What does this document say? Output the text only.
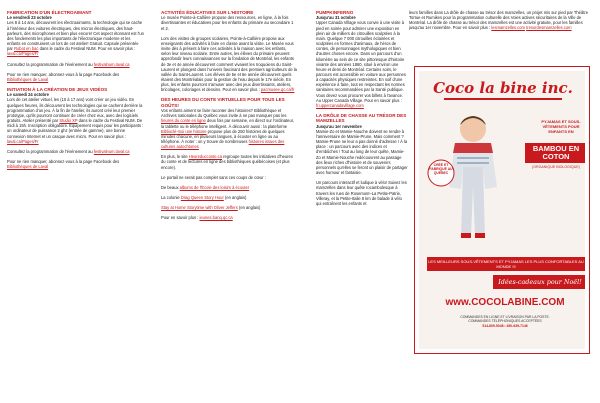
FABRICATION D'UN ÉLECTROAIMANT
Le vendredi 23 octobre

Les 8 à 14 ans, découvrent les électroaimants, la technologie qui se cache à l'intérieur des voitures électriques, des micros électriques, des haut-parleurs, des microphones et bien plus encore! Cet aspect étonnant est l'un des fondements les plus importants de l'électronique moderne et les enfants en construisent un lors de cet atelier! Gratuit. Capsule présentée par Robot en bac dans le cadre du Festival NUM. Pour en savoir plus : laval.ca/Pages/Fr

Consultez la programmation de l'événement au festivalnum.laval.ca

Pour ne rien manquer, abonnez-vous à la page Facebook des Bibliothèques de Laval

INITIATION À LA CRÉATION DE JEUX VIDÉOS
Le samedi 24 octobre

Lors de cet atelier virtuel, les (10 à 17 ans) vont créer un jeu vidéo. En quelques heures, ils découvrent les technologies qui se cachent derrière la programmation d'un jeu. À la fin de l'atelier, ils auront créé leur premier prototype, qu'ils pourront continuer de créer chez eux, avec des logiciels gratuits. Atelier présenté par Studio XP dans le cadre du Festival NUM. De midi à 15h. Inscription obligatoire. Équipement requis pour les participants : un ordinateur de puissance 2 ghz (entrée de gamme), une bonne connexion Internet et un casque avec micro. Pour en savoir plus : laval.ca/Pages/Fr

Consultez la programmation de l'événement au festivalnum.laval.ca

Pour ne rien manquer, abonnez-vous à la page Facebook des Bibliothèques de Laval

ACTIVITÉS ÉDUCATIVES SUR L'HISTOIRE

Le musée Pointe-à-Callière propose des ressources, en ligne, à la fois divertissantes et éducatives pour les enfants du primaire au secondaire 1 et 2.

Lors des visites de groupes scolaires, Pointe-à-Callière propose aux enseignants des activités à faire en classe avant la visite. Le Musée vous invite dès à présent à faire ces activités à la maison avec les enfants, selon leur niveau scolaire. Entre autres, les élèves du primaire peuvent approfondir leurs connaissances sur la fondation de Montréal, les enfants de 3e et 4e année découvrent comment vivaient les Iroquoiens du Saint-Laurent et plongent dans l'univers fascinant des premiers agriculteurs de la vallée du Saint-Laurent. Les élèves de 5e et 6e année découvrent quels étaient des Montréalais pour la gestion de l'eau depuis le 17e siècle. En plus, les enfants pourront s'amuser avec des jeux divertissants, ateliers, bricolages, coloriages et dessins. Pour en savoir plus : pacmusee.qc.ca/fr

DES HEURES DU CONTE VIRTUELLES POUR TOUS LES GOÛTS!

Vos enfants aiment se faire raconter des histoires? Bibliothèque et Archives nationales du Québec vous invite à ne pas manquer pas les heures du conte en ligne deux fois par semaine, en direct sur l'ordinateur, la tablette ou le téléphone intelligent. À découvrir aussi : la plateforme Biblioclé-moi une histoire propose plus de 250 histoires de quelques minutes chacune, en plusieurs langues, à écouter en ligne ou au téléphone. À noter : on y trouve de nombreuses histoires issues des cultures autochtones

En plus, le site Heureducconte.ca regroupe toutes les initiatives d'heures du conte et de lectures en ligne des bibliothèques québécoises (et plus encore).

Le portail ne serait pas complet sans ces coups de cœur :

De beaux albums de l'École des loisirs à écouter

La colonie Drag Queen Story Hour (en anglais)

Stay at Home Storytime with Oliver Jeffers (en anglais)

Pour en savoir plus : ieunes.banq.qc.ca

PUMPKINFERNO
Jusqu'au 31 octobre

Upper Canada Village vous convie à une visite à pied en soirée pour admirer une exposition en plein air de milliers de citrouilles sculptées à la main. Quelque 7 000 citrouilles éclairées et sculptées en formes d'animaux, de héros de contes, de personnages mythologiques et bien d'autres choses encore. Dans un parcours d'un kilomètre au sein de ce site pittoresque d'histoire vivante des années 1860, situé à environ une heure et demi de Montréal. Certains soirs, le parcours est accessible en voiture aux personnes à capacités physiques restreintes. En soif d'une expérience à faire, tout en respectant les normes sanitaires recommandées par la Santé publique. Vous devez vous procurer vos billets à l'avance. Au Upper Canada Village. Pour en savoir plus : fr.uppercanadavillage.com

LA DRÔLE DE CHASSE AU TRÉSOR DES MAMZELLES
Jusqu'au 1er novembre

Mamie-Zo et Mamie-Nouche doivent se rendre à l'anniversaire de Mamie-Prune. Mais comment ? Mamie-Prune ne leur a pas donné d'adresse ! À la place : un parcours avec des indices et d'embûches ! Tout au long de leur quête, Mamie-Zo et Mamie-Nouche redécouvrent au passage des lieux riches d'histoire et de souvenirs personnels qu'elles se feront un plaisir de partager avec humour et fantaisie.

Un parcours interactif et ludique à vélo! Suivez les mamzelles dans leur quête rocambolesque à travers les rues de Rosemont–La Petite-Patrie, Villeray, et la Petite-Italie 8 km de balade à vélo qui entraînent les enfants et

leurs familles dans La drôle de chasse au trésor des mamzelles, un projet mis sur pied par Théâtre Tortue et Rumikes pour la programmation culturelle des Voies actives sécuritaires de la Ville de Montréal. La drôle de chasse au trésor des mamzelles est une activité gratuite, pour les familles jusqu'au 1er novembre. Pour en savoir plus : lesmamzelles.com tresordesmamzelles.com
Coco la bine inc.
CRÉÉ ET FABRIQUÉ AU QUÉBEC
PYJAMAS ET SOUS-VÊTEMENTS POUR ENFANTS EN
BAMBOU EN COTON
(ORGANIQUE BIOLOGIQUE)
LES MEILLEURS SOUS-VÊTEMENTS ET PYJAMAS LES PLUS CONFORTABLES AU MONDE !!!
Idées-cadeaux pour Noël!
www.COCOLABINE.COM
COMMANDES EN LIGNE ET LIVRAISON PAR LA POSTE.
COMMANDES TÉLÉPHONIQUES ACCEPTÉES
514-809-5048 • 450-639-7146
